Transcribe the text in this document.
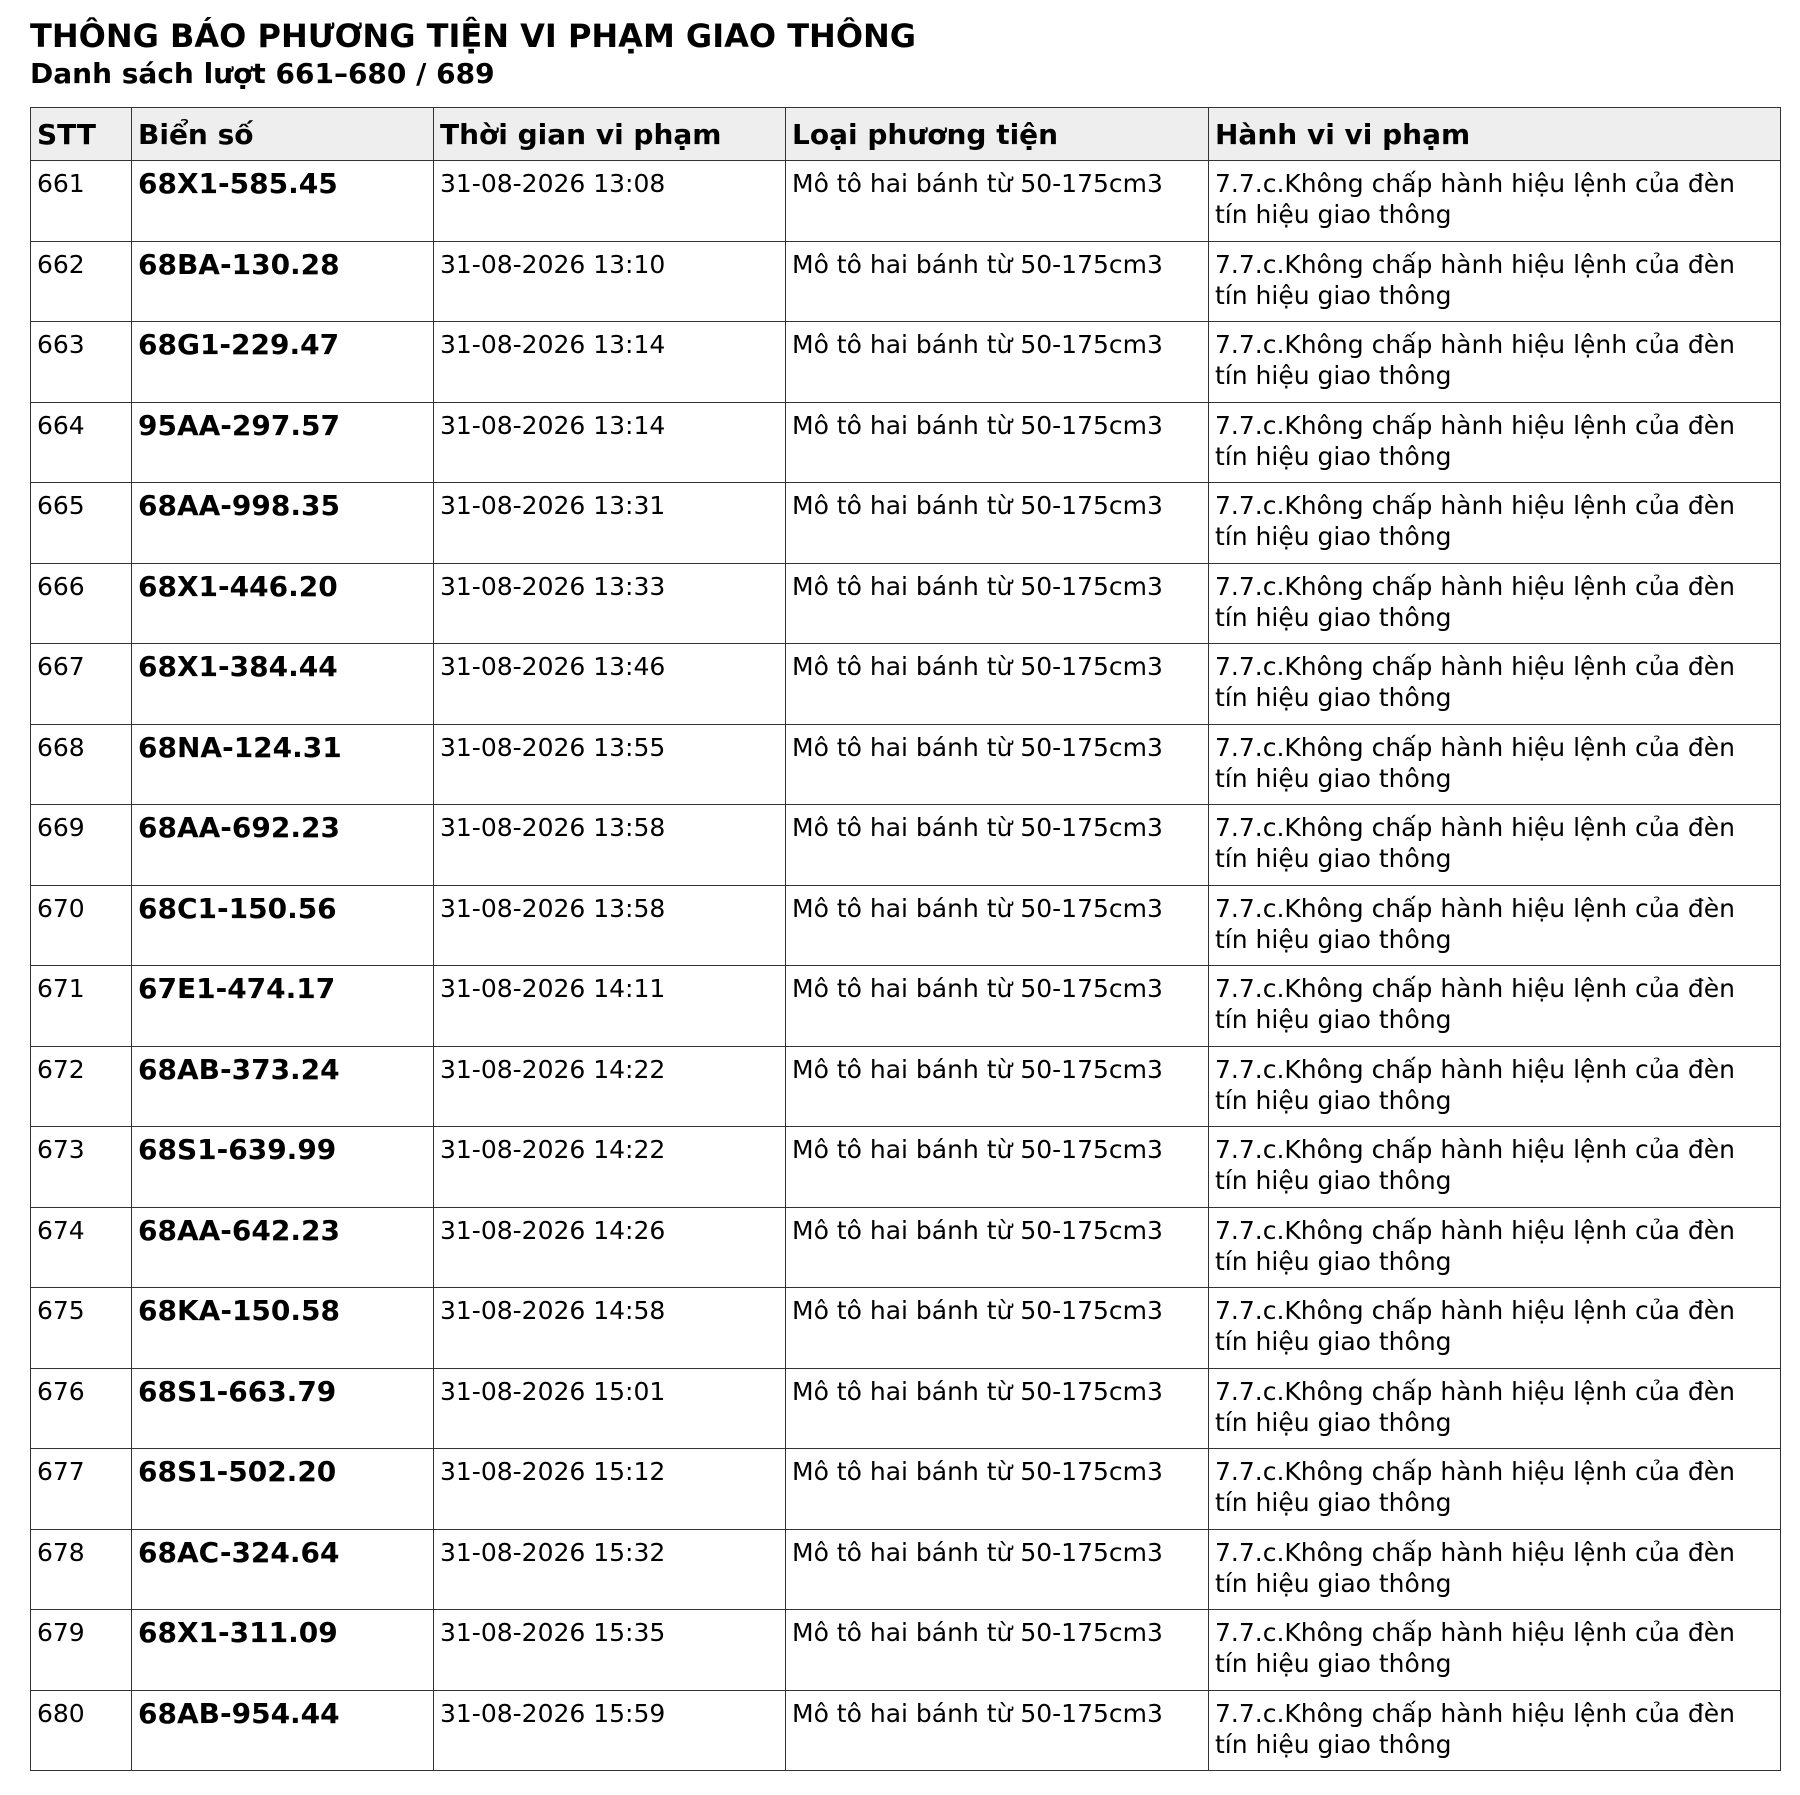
THÔNG BÁO PHƯƠNG TIỆN VI PHẠM GIAO THÔNG
Danh sách lượt 661–680 / 689
STT	Biển số	Thời gian vi phạm	Loại phương tiện	Hành vi vi phạm
661	68X1-585.45	31-08-2026 13:08	Mô tô hai bánh từ 50-175cm3	7.7.c.Không chấp hành hiệu lệnh của đèn tín hiệu giao thông
662	68BA-130.28	31-08-2026 13:10	Mô tô hai bánh từ 50-175cm3	7.7.c.Không chấp hành hiệu lệnh của đèn tín hiệu giao thông
663	68G1-229.47	31-08-2026 13:14	Mô tô hai bánh từ 50-175cm3	7.7.c.Không chấp hành hiệu lệnh của đèn tín hiệu giao thông
664	95AA-297.57	31-08-2026 13:14	Mô tô hai bánh từ 50-175cm3	7.7.c.Không chấp hành hiệu lệnh của đèn tín hiệu giao thông
665	68AA-998.35	31-08-2026 13:31	Mô tô hai bánh từ 50-175cm3	7.7.c.Không chấp hành hiệu lệnh của đèn tín hiệu giao thông
666	68X1-446.20	31-08-2026 13:33	Mô tô hai bánh từ 50-175cm3	7.7.c.Không chấp hành hiệu lệnh của đèn tín hiệu giao thông
667	68X1-384.44	31-08-2026 13:46	Mô tô hai bánh từ 50-175cm3	7.7.c.Không chấp hành hiệu lệnh của đèn tín hiệu giao thông
668	68NA-124.31	31-08-2026 13:55	Mô tô hai bánh từ 50-175cm3	7.7.c.Không chấp hành hiệu lệnh của đèn tín hiệu giao thông
669	68AA-692.23	31-08-2026 13:58	Mô tô hai bánh từ 50-175cm3	7.7.c.Không chấp hành hiệu lệnh của đèn tín hiệu giao thông
670	68C1-150.56	31-08-2026 13:58	Mô tô hai bánh từ 50-175cm3	7.7.c.Không chấp hành hiệu lệnh của đèn tín hiệu giao thông
671	67E1-474.17	31-08-2026 14:11	Mô tô hai bánh từ 50-175cm3	7.7.c.Không chấp hành hiệu lệnh của đèn tín hiệu giao thông
672	68AB-373.24	31-08-2026 14:22	Mô tô hai bánh từ 50-175cm3	7.7.c.Không chấp hành hiệu lệnh của đèn tín hiệu giao thông
673	68S1-639.99	31-08-2026 14:22	Mô tô hai bánh từ 50-175cm3	7.7.c.Không chấp hành hiệu lệnh của đèn tín hiệu giao thông
674	68AA-642.23	31-08-2026 14:26	Mô tô hai bánh từ 50-175cm3	7.7.c.Không chấp hành hiệu lệnh của đèn tín hiệu giao thông
675	68KA-150.58	31-08-2026 14:58	Mô tô hai bánh từ 50-175cm3	7.7.c.Không chấp hành hiệu lệnh của đèn tín hiệu giao thông
676	68S1-663.79	31-08-2026 15:01	Mô tô hai bánh từ 50-175cm3	7.7.c.Không chấp hành hiệu lệnh của đèn tín hiệu giao thông
677	68S1-502.20	31-08-2026 15:12	Mô tô hai bánh từ 50-175cm3	7.7.c.Không chấp hành hiệu lệnh của đèn tín hiệu giao thông
678	68AC-324.64	31-08-2026 15:32	Mô tô hai bánh từ 50-175cm3	7.7.c.Không chấp hành hiệu lệnh của đèn tín hiệu giao thông
679	68X1-311.09	31-08-2026 15:35	Mô tô hai bánh từ 50-175cm3	7.7.c.Không chấp hành hiệu lệnh của đèn tín hiệu giao thông
680	68AB-954.44	31-08-2026 15:59	Mô tô hai bánh từ 50-175cm3	7.7.c.Không chấp hành hiệu lệnh của đèn tín hiệu giao thông
